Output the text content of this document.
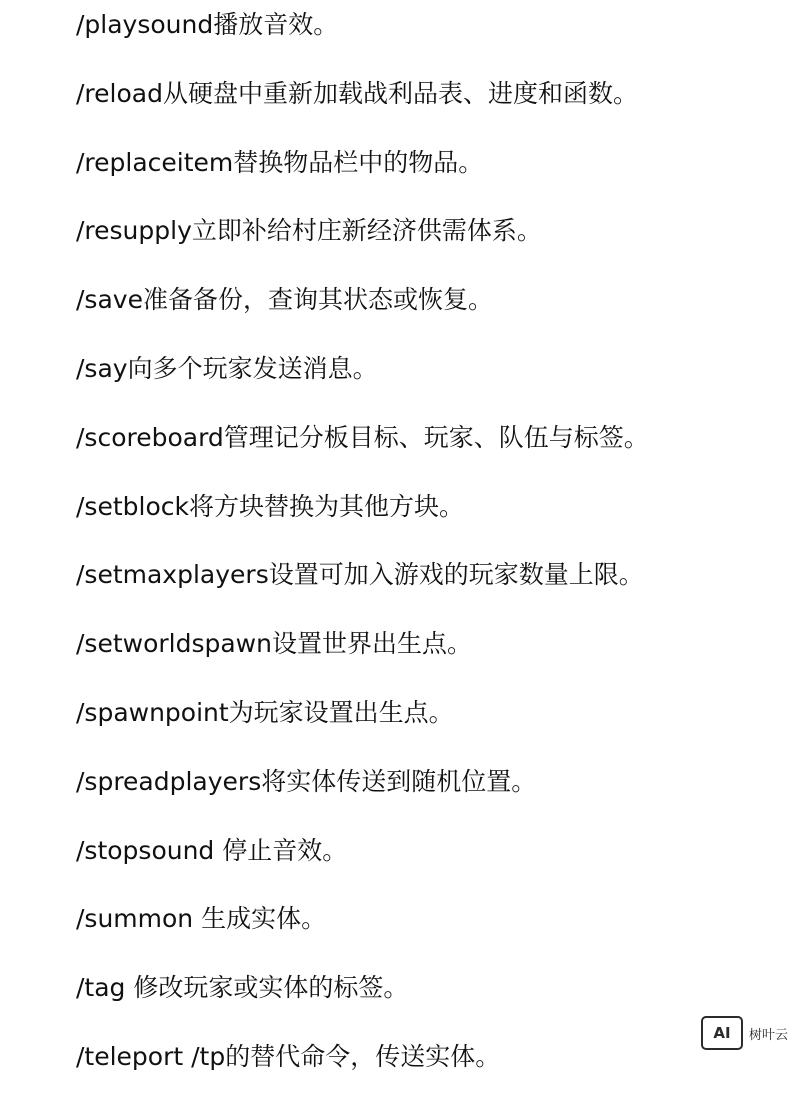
/playsound播放音效。

/reload从硬盘中重新加载战利品表、进度和函数。

/replaceitem替换物品栏中的物品。

/resupply立即补给村庄新经济供需体系。

/save准备备份，查询其状态或恢复。

/say向多个玩家发送消息。

/scoreboard管理记分板目标、玩家、队伍与标签。

/setblock将方块替换为其他方块。

/setmaxplayers设置可加入游戏的玩家数量上限。

/setworldspawn设置世界出生点。

/spawnpoint为玩家设置出生点。

/spreadplayers将实体传送到随机位置。

/stopsound 停止音效。

/summon 生成实体。

/tag 修改玩家或实体的标签。

/teleport /tp的替代命令，传送实体。

AI	树叶云
